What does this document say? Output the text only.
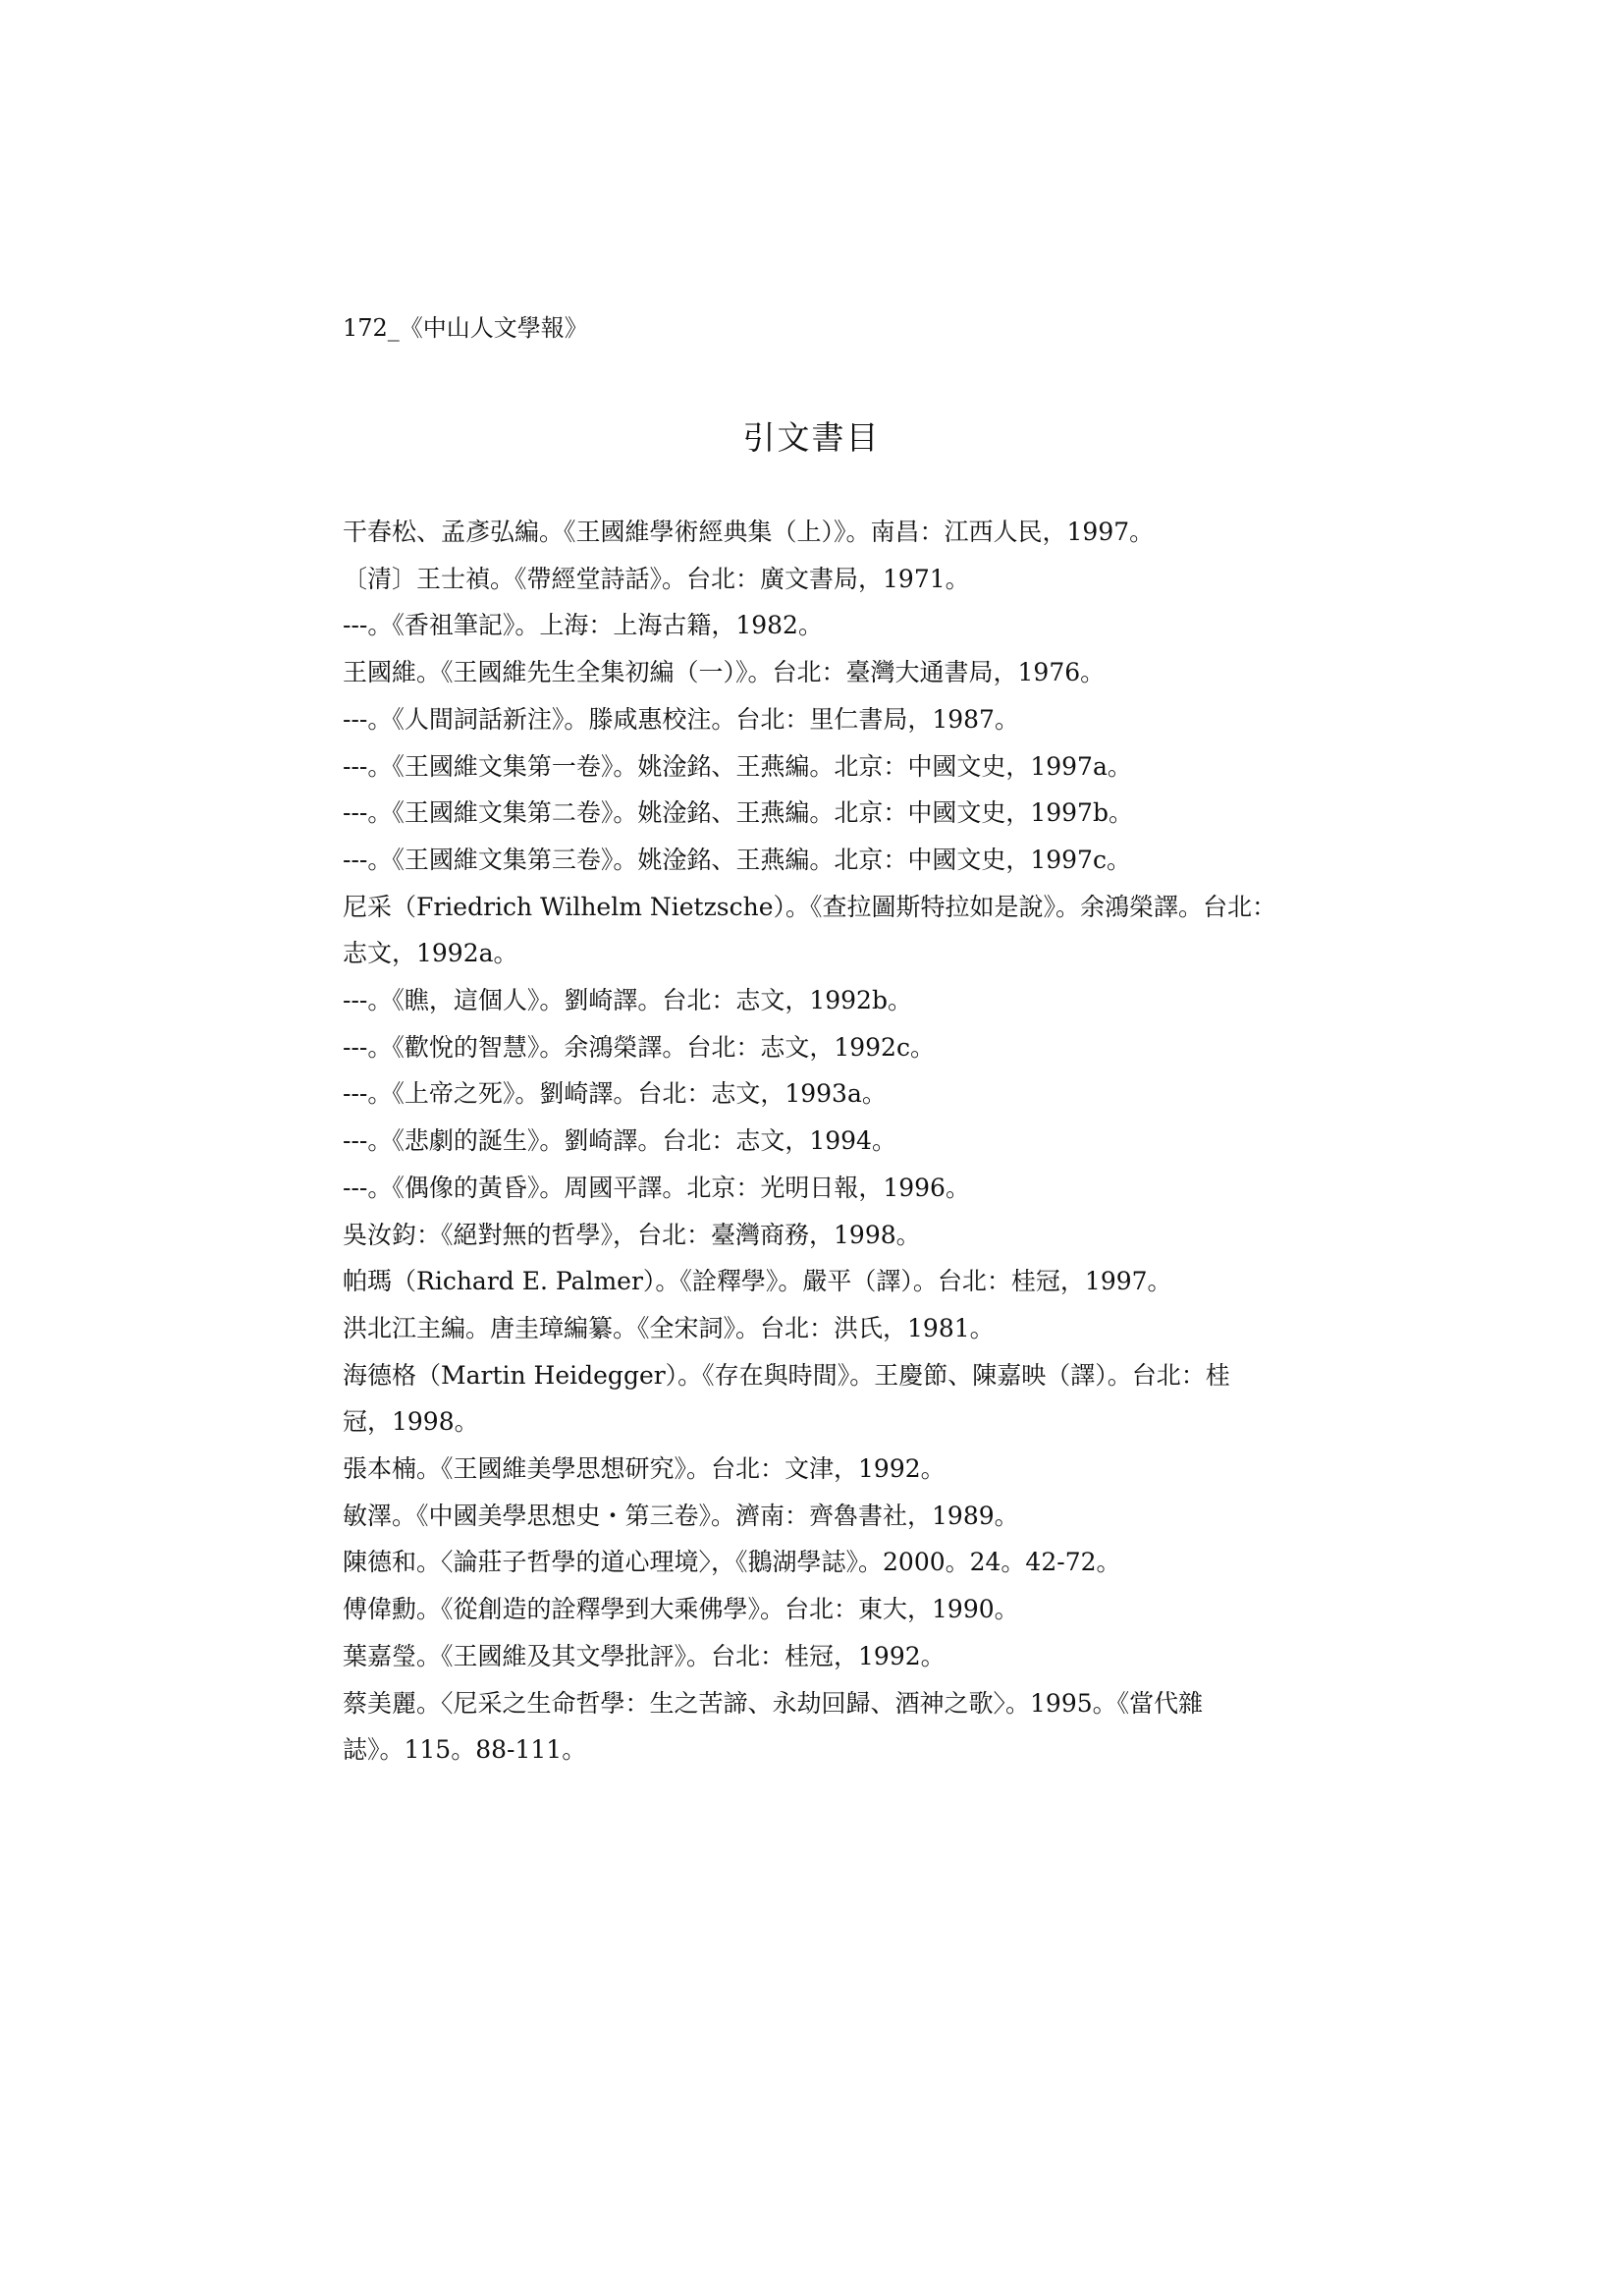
172_《中山人文學報》
引文書目
干春松、孟彥弘編。《王國維學術經典集（上）》。南昌：江西人民，1997。
〔清〕王士禎。《帶經堂詩話》。台北：廣文書局，1971。
---。《香祖筆記》。上海：上海古籍，1982。
王國維。《王國維先生全集初編（一）》。台北：臺灣大通書局，1976。
---。《人間詞話新注》。滕咸惠校注。台北：里仁書局，1987。
---。《王國維文集第一卷》。姚淦銘、王燕編。北京：中國文史，1997a。
---。《王國維文集第二卷》。姚淦銘、王燕編。北京：中國文史，1997b。
---。《王國維文集第三卷》。姚淦銘、王燕編。北京：中國文史，1997c。
尼采（Friedrich Wilhelm Nietzsche）。《查拉圖斯特拉如是說》。余鴻榮譯。台北：
志文，1992a。
---。《瞧，這個人》。劉崎譯。台北：志文，1992b。
---。《歡悅的智慧》。余鴻榮譯。台北：志文，1992c。
---。《上帝之死》。劉崎譯。台北：志文，1993a。
---。《悲劇的誕生》。劉崎譯。台北：志文，1994。
---。《偶像的黃昏》。周國平譯。北京：光明日報，1996。
吳汝鈞：《絕對無的哲學》，台北：臺灣商務，1998。
帕瑪（Richard E. Palmer）。《詮釋學》。嚴平（譯）。台北：桂冠，1997。
洪北江主編。唐圭璋編纂。《全宋詞》。台北：洪氏，1981。
海德格（Martin Heidegger）。《存在與時間》。王慶節、陳嘉映（譯）。台北：桂
冠，1998。
張本楠。《王國維美學思想研究》。台北：文津，1992。
敏澤。《中國美學思想史・第三卷》。濟南：齊魯書社，1989。
陳德和。〈論莊子哲學的道心理境〉，《鵝湖學誌》。2000。24。42-72。
傅偉勳。《從創造的詮釋學到大乘佛學》。台北：東大，1990。
葉嘉瑩。《王國維及其文學批評》。台北：桂冠，1992。
蔡美麗。〈尼采之生命哲學：生之苦諦、永劫回歸、酒神之歌〉。1995。《當代雜
誌》。115。88-111。
